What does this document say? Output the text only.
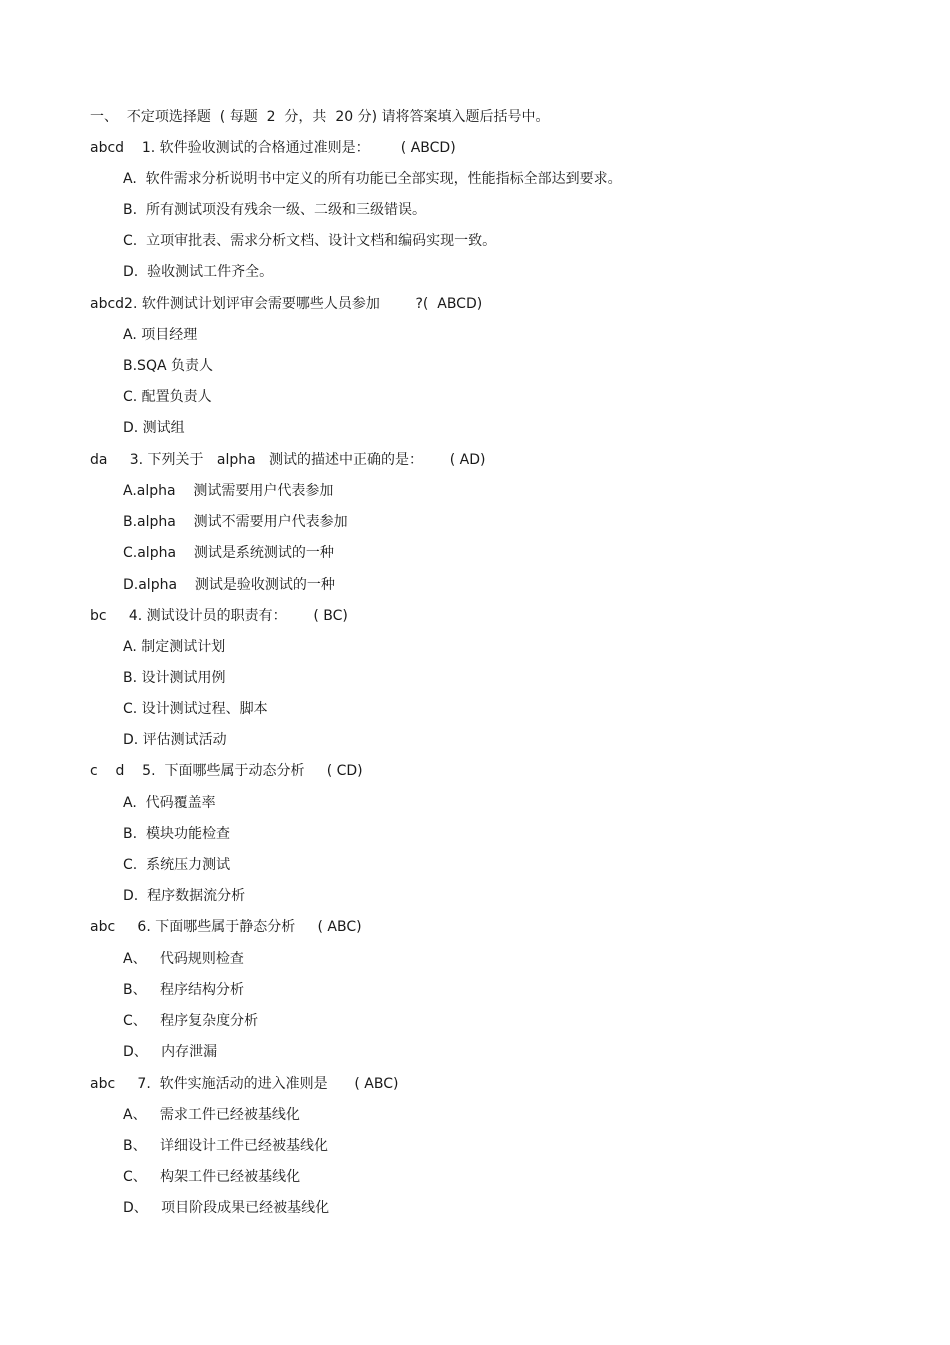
一、  不定项选择题  ( 每题  2  分，共  20 分) 请将答案填入题后括号中。
abcd    1. 软件验收测试的合格通过准则是：       ( ABCD)
A.  软件需求分析说明书中定义的所有功能已全部实现，性能指标全部达到要求。
B.  所有测试项没有残余一级、二级和三级错误。
C.  立项审批表、需求分析文档、设计文档和编码实现一致。
D.  验收测试工件齐全。
abcd2. 软件测试计划评审会需要哪些人员参加        ?(  ABCD)
A. 项目经理
B.SQA 负责人
C. 配置负责人
D. 测试组
da     3. 下列关于   alpha   测试的描述中正确的是：      ( AD)
A.alpha    测试需要用户代表参加
B.alpha    测试不需要用户代表参加
C.alpha    测试是系统测试的一种
D.alpha    测试是验收测试的一种
bc     4. 测试设计员的职责有：      ( BC)
A. 制定测试计划
B. 设计测试用例
C. 设计测试过程、脚本
D. 评估测试活动
c    d    5.  下面哪些属于动态分析     ( CD)
A.  代码覆盖率
B.  模块功能检查
C.  系统压力测试
D.  程序数据流分析
abc     6. 下面哪些属于静态分析     ( ABC)
A、   代码规则检查
B、   程序结构分析
C、   程序复杂度分析
D、   内存泄漏
abc     7.  软件实施活动的进入准则是      ( ABC)
A、   需求工件已经被基线化
B、   详细设计工件已经被基线化
C、   构架工件已经被基线化
D、   项目阶段成果已经被基线化
